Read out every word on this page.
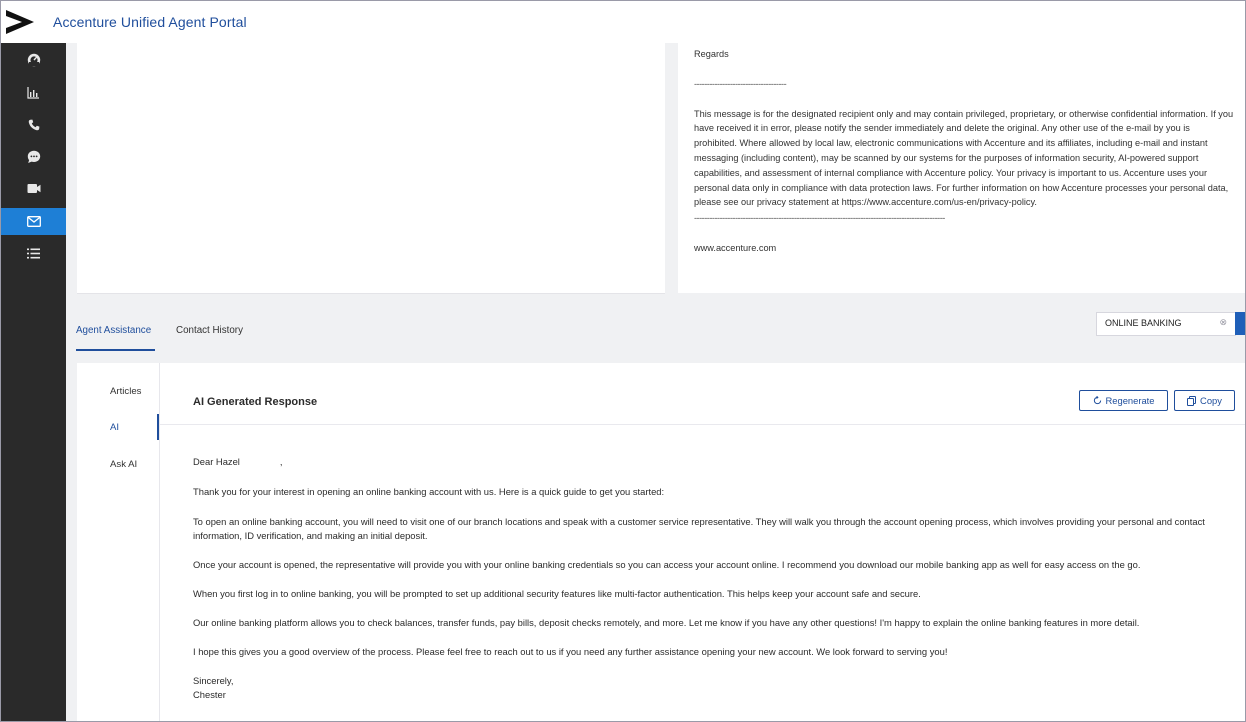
Accenture Unified Agent Portal

Regards

------------------------------------

This message is for the designated recipient only and may contain privileged, proprietary, or otherwise confidential information. If you have received it in error, please notify the sender immediately and delete the original. Any other use of the e-mail by you is prohibited. Where allowed by local law, electronic communications with Accenture and its affiliates, including e-mail and instant messaging (including content), may be scanned by our systems for the purposes of information security, AI-powered support capabilities, and assessment of internal compliance with Accenture policy. Your privacy is important to us. Accenture uses your personal data only in compliance with data protection laws. For further information on how Accenture processes your personal data, please see our privacy statement at https://www.accenture.com/us-en/privacy-policy.

--------------------------------------------------------------------------------------------------

www.accenture.com

Agent Assistance	Contact History
ONLINE BANKING
⊗
Articles
AI
Ask AI
AI Generated Response	Regenerate	Copy

Dear Hazel	,

Thank you for your interest in opening an online banking account with us. Here is a quick guide to get you started:

To open an online banking account, you will need to visit one of our branch locations and speak with a customer service representative. They will walk you through the account opening process, which involves providing your personal and contact information, ID verification, and making an initial deposit.

Once your account is opened, the representative will provide you with your online banking credentials so you can access your account online. I recommend you download our mobile banking app as well for easy access on the go.

When you first log in to online banking, you will be prompted to set up additional security features like multi-factor authentication. This helps keep your account safe and secure.

Our online banking platform allows you to check balances, transfer funds, pay bills, deposit checks remotely, and more. Let me know if you have any other questions! I'm happy to explain the online banking features in more detail.

I hope this gives you a good overview of the process. Please feel free to reach out to us if you need any further assistance opening your new account. We look forward to serving you!

Sincerely,

Chester
